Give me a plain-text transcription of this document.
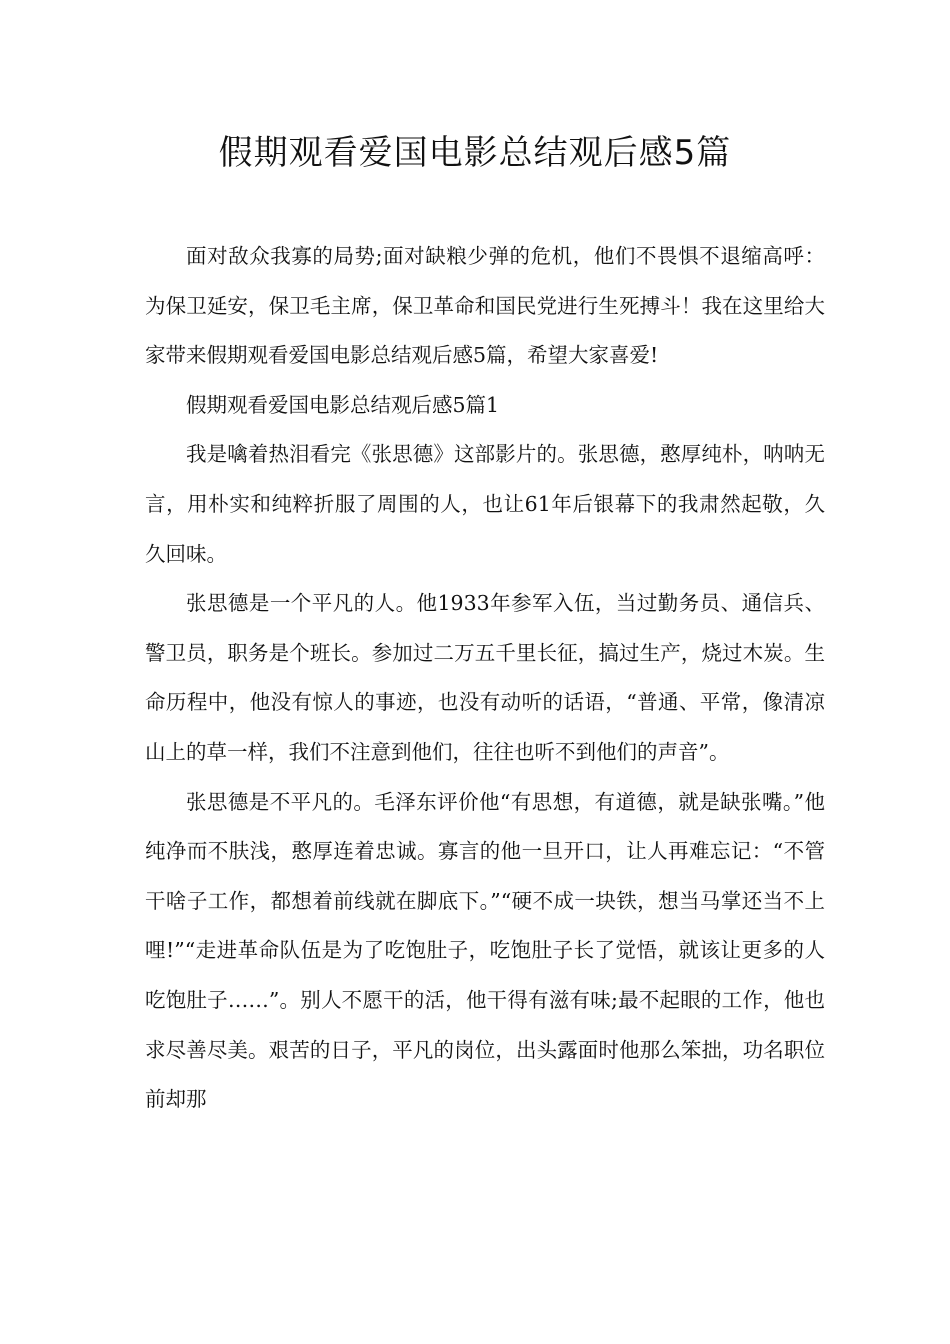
假期观看爱国电影总结观后感5篇

面对敌众我寡的局势;面对缺粮少弹的危机，他们不畏惧不退缩高呼：为保卫延安，保卫毛主席，保卫革命和国民党进行生死搏斗！我在这里给大家带来假期观看爱国电影总结观后感5篇，希望大家喜爱!

假期观看爱国电影总结观后感5篇1

我是噙着热泪看完《张思德》这部影片的。张思德，憨厚纯朴，呐呐无言，用朴实和纯粹折服了周围的人，也让61年后银幕下的我肃然起敬，久久回味。

张思德是一个平凡的人。他1933年参军入伍，当过勤务员、通信兵、警卫员，职务是个班长。参加过二万五千里长征，搞过生产，烧过木炭。生命历程中，他没有惊人的事迹，也没有动听的话语，“普通、平常，像清凉山上的草一样，我们不注意到他们，往往也听不到他们的声音”。

张思德是不平凡的。毛泽东评价他“有思想，有道德，就是缺张嘴。”他纯净而不肤浅，憨厚连着忠诚。寡言的他一旦开口，让人再难忘记：“不管干啥子工作，都想着前线就在脚底下。”“硬不成一块铁，想当马掌还当不上哩!”“走进革命队伍是为了吃饱肚子，吃饱肚子长了觉悟，就该让更多的人吃饱肚子……”。别人不愿干的活，他干得有滋有味;最不起眼的工作，他也求尽善尽美。艰苦的日子，平凡的岗位，出头露面时他那么笨拙，功名职位前却那
